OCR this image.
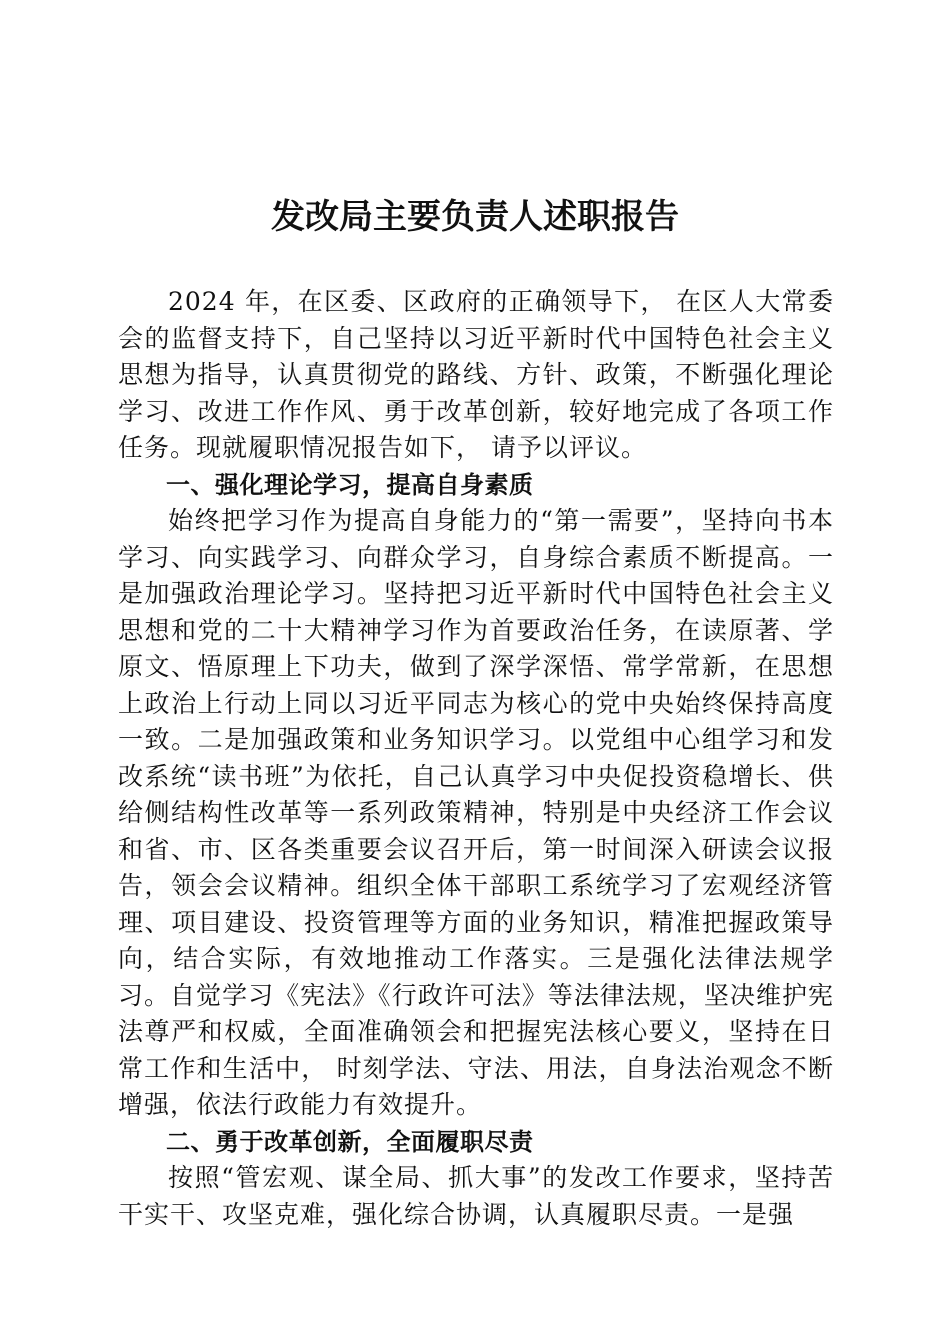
发改局主要负责人述职报告

2024 年，在区委、区政府的正确领导下， 在区人大常委会的监督支持下，自己坚持以习近平新时代中国特色社会主义思想为指导，认真贯彻党的路线、方针、政策，不断强化理论学习、改进工作作风、勇于改革创新，较好地完成了各项工作任务。现就履职情况报告如下， 请予以评议。

一、强化理论学习，提高自身素质

始终把学习作为提高自身能力的“第一需要”，坚持向书本学习、向实践学习、向群众学习，自身综合素质不断提高。一是加强政治理论学习。坚持把习近平新时代中国特色社会主义思想和党的二十大精神学习作为首要政治任务，在读原著、学原文、悟原理上下功夫，做到了深学深悟、常学常新，在思想上政治上行动上同以习近平同志为核心的党中央始终保持高度一致。二是加强政策和业务知识学习。以党组中心组学习和发改系统“读书班”为依托，自己认真学习中央促投资稳增长、供给侧结构性改革等一系列政策精神，特别是中央经济工作会议和省、市、区各类重要会议召开后，第一时间深入研读会议报告，领会会议精神。组织全体干部职工系统学习了宏观经济管理、项目建设、投资管理等方面的业务知识，精准把握政策导向，结合实际，有效地推动工作落实。三是强化法律法规学习。自觉学习《宪法》《行政许可法》等法律法规，坚决维护宪法尊严和权威，全面准确领会和把握宪法核心要义，坚持在日常工作和生活中， 时刻学法、守法、用法，自身法治观念不断增强，依法行政能力有效提升。

二、勇于改革创新，全面履职尽责

按照“管宏观、谋全局、抓大事”的发改工作要求，坚持苦干实干、攻坚克难，强化综合协调，认真履职尽责。一是强
